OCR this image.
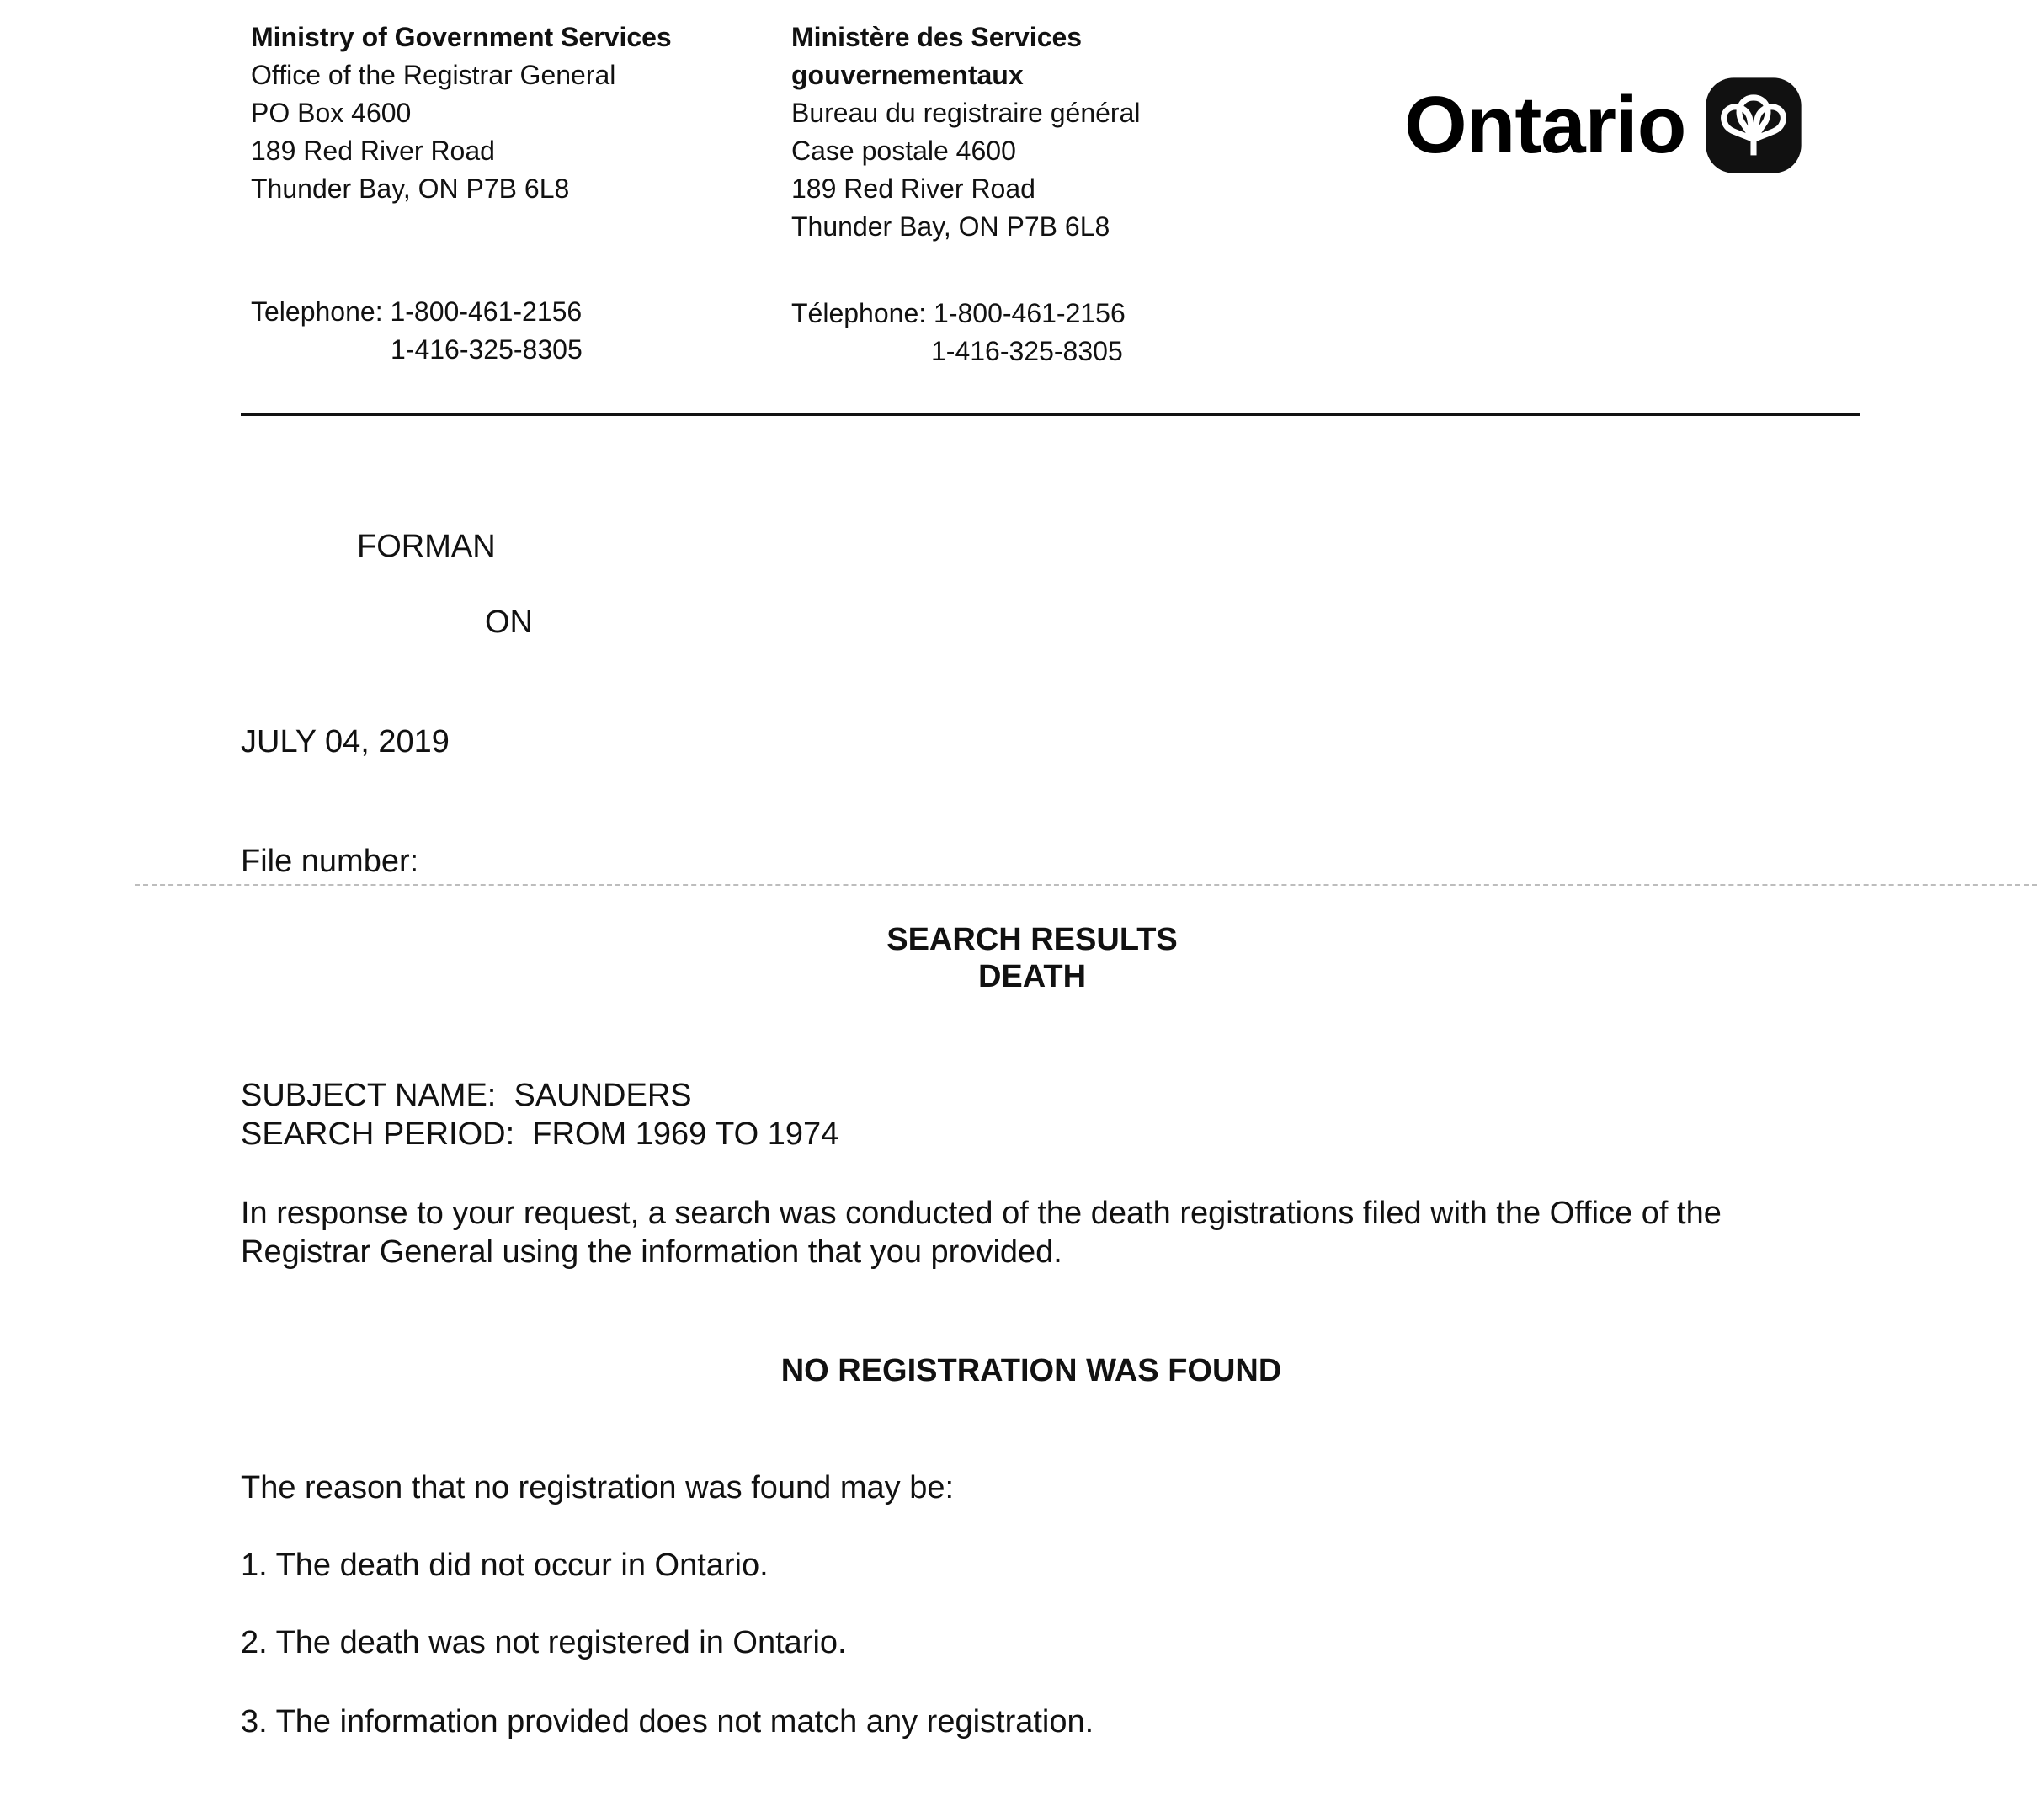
Ministry of Government Services
Office of the Registrar General
PO Box 4600
189 Red River Road
Thunder Bay, ON P7B 6L8
Ministère des Services
gouvernementaux
Bureau du registraire général
Case postale 4600
189 Red River Road
Thunder Bay, ON P7B 6L8
Telephone: 1-800-461-2156
1-416-325-8305
Télephone: 1-800-461-2156
1-416-325-8305
Ontario
FORMAN
ON
JULY 04, 2019
File number:
SEARCH RESULTS
DEATH
SUBJECT NAME: SAUNDERS
SEARCH PERIOD: FROM 1969 TO 1974
In response to your request, a search was conducted of the death registrations filed with the Office of the
Registrar General using the information that you provided.
NO REGISTRATION WAS FOUND
The reason that no registration was found may be:
1. The death did not occur in Ontario.
2. The death was not registered in Ontario.
3. The information provided does not match any registration.
